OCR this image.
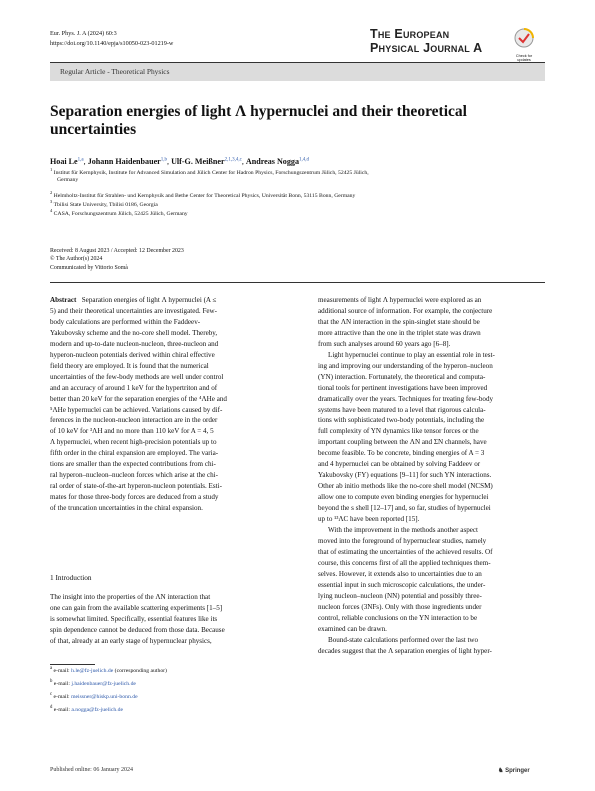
Eur. Phys. J. A (2024) 60:3
https://doi.org/10.1140/epja/s10050-023-01219-w
The European
Physical Journal A
Check for
updates
Regular Article - Theoretical Physics
Separation energies of light Λ hypernuclei and their theoretical
uncertainties
Hoai Le$^{1,a}$, Johann Haidenbauer$^{1,b}$, Ulf-G. Meißner$^{2,1,3,4,c}$, Andreas Nogga$^{1,4,d}$
$^1$ Institut für Kernphysik, Institute for Advanced Simulation and Jülich Center for Hadron Physics, Forschungszentrum Jülich, 52425 Jülich,
Germany
$^2$ Helmholtz-Institut für Strahlen- und Kernphysik and Bethe Center for Theoretical Physics, Universität Bonn, 53115 Bonn, Germany
$^3$ Tbilisi State University, Tbilisi 0186, Georgia
$^4$ CASA, Forschungszentrum Jülich, 52425 Jülich, Germany
Received: 8 August 2023 / Accepted: 12 December 2023
© The Author(s) 2024
Communicated by Vittorio Somà
Abstract Separation energies of light Λ hypernuclei (A ≤
5) and their theoretical uncertainties are investigated. Few-
body calculations are performed within the Faddeev-
Yakubovsky scheme and the no-core shell model. Thereby,
modern and up-to-date nucleon-nucleon, three-nucleon and
hyperon-nucleon potentials derived within chiral effective
field theory are employed. It is found that the numerical
uncertainties of the few-body methods are well under control
and an accuracy of around 1 keV for the hypertriton and of
better than 20 keV for the separation energies of the ⁴ΛHe and
⁵ΛHe hypernuclei can be achieved. Variations caused by dif-
ferences in the nucleon-nucleon interaction are in the order
of 10 keV for ³ΛH and no more than 110 keV for A = 4, 5
Λ hypernuclei, when recent high-precision potentials up to
fifth order in the chiral expansion are employed. The varia-
tions are smaller than the expected contributions from chi-
ral hyperon–nucleon–nucleon forces which arise at the chi-
ral order of state-of-the-art hyperon-nucleon potentials. Esti-
mates for those three-body forces are deduced from a study
of the truncation uncertainties in the chiral expansion.
1 Introduction
The insight into the properties of the ΛN interaction that
one can gain from the available scattering experiments [1–5]
is somewhat limited. Specifically, essential features like its
spin dependence cannot be deduced from those data. Because
of that, already at an early stage of hypernuclear physics,
$^a$ e-mail: h.le@fz-juelich.de (corresponding author)
$^b$ e-mail: j.haidenbauer@fz-juelich.de
$^c$ e-mail: meissner@hiskp.uni-bonn.de
$^d$ e-mail: a.nogga@fz-juelich.de
measurements of light Λ hypernuclei were explored as an
additional source of information. For example, the conjecture
that the ΛN interaction in the spin-singlet state should be
more attractive than the one in the triplet state was drawn
from such analyses around 60 years ago [6–8].
Light hypernuclei continue to play an essential role in test-
ing and improving our understanding of the hyperon–nucleon
(YN) interaction. Fortunately, the theoretical and computa-
tional tools for pertinent investigations have been improved
dramatically over the years. Techniques for treating few-body
systems have been matured to a level that rigorous calcula-
tions with sophisticated two-body potentials, including the
full complexity of YN dynamics like tensor forces or the
important coupling between the ΛN and ΣN channels, have
become feasible. To be concrete, binding energies of A = 3
and 4 hypernuclei can be obtained by solving Faddeev or
Yakubovsky (FY) equations [9–11] for such YN interactions.
Other ab initio methods like the no-core shell model (NCSM)
allow one to compute even binding energies for hypernuclei
beyond the s shell [12–17] and, so far, studies of hypernuclei
up to ¹³ΛC have been reported [15].
With the improvement in the methods another aspect
moved into the foreground of hypernuclear studies, namely
that of estimating the uncertainties of the achieved results. Of
course, this concerns first of all the applied techniques them-
selves. However, it extends also to uncertainties due to an
essential input in such microscopic calculations, the under-
lying nucleon–nucleon (NN) potential and possibly three-
nucleon forces (3NFs). Only with those ingredients under
control, reliable conclusions on the YN interaction to be
examined can be drawn.
Bound-state calculations performed over the last two
decades suggest that the Λ separation energies of light hyper-
Published online: 06 January 2024	♞ Springer
